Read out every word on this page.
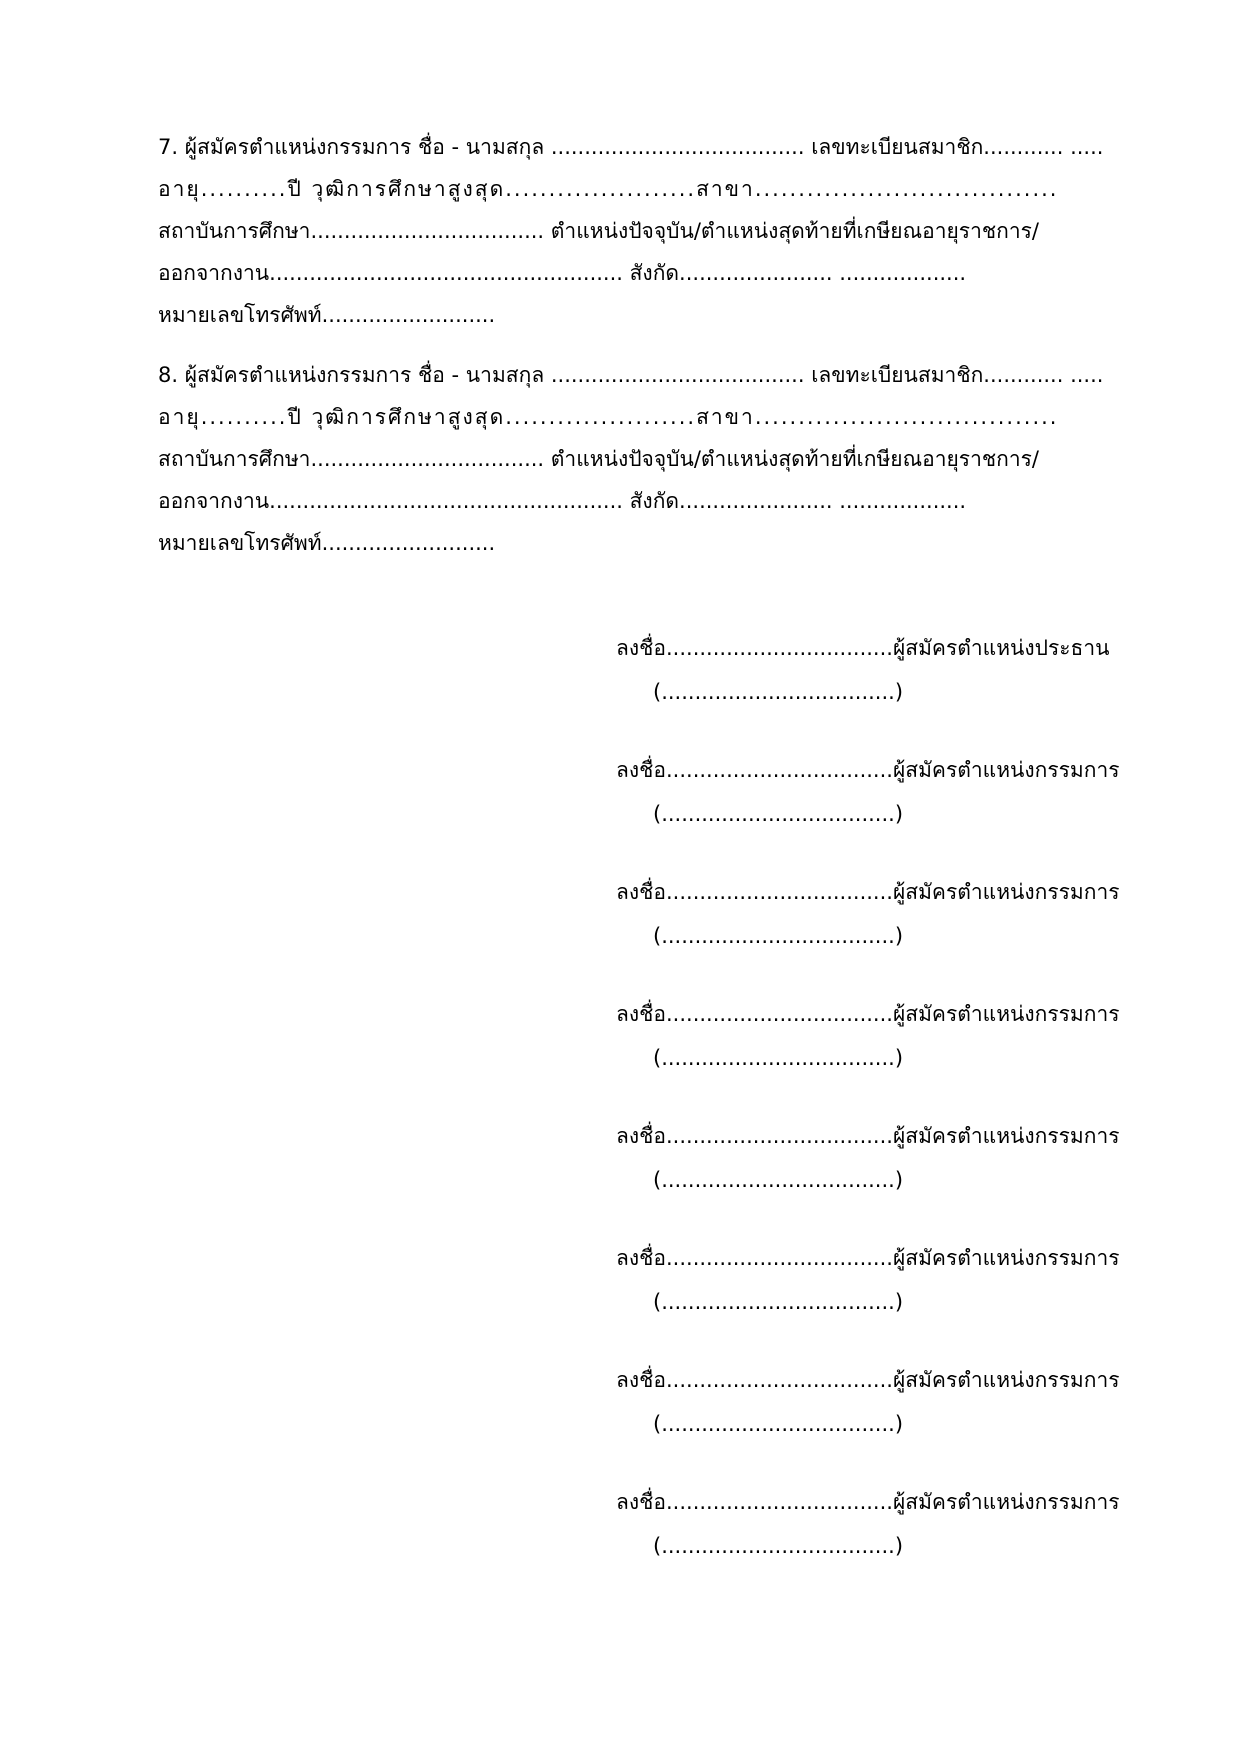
7. ผู้สมัครตำแหน่งกรรมการ ชื่อ - นามสกุล ...................................... เลขทะเบียนสมาชิก............ .....
อายุ..........ปี วุฒิการศึกษาสูงสุด......................สาขา...................................
สถาบันการศึกษา................................... ตำแหน่งปัจจุบัน/ตำแหน่งสุดท้ายที่เกษียณอายุราชการ/
ออกจากงาน..................................................... สังกัด....................... ...................
หมายเลขโทรศัพท์..........................
8. ผู้สมัครตำแหน่งกรรมการ ชื่อ - นามสกุล ...................................... เลขทะเบียนสมาชิก............ .....
อายุ..........ปี วุฒิการศึกษาสูงสุด......................สาขา...................................
สถาบันการศึกษา................................... ตำแหน่งปัจจุบัน/ตำแหน่งสุดท้ายที่เกษียณอายุราชการ/
ออกจากงาน..................................................... สังกัด....................... ...................
หมายเลขโทรศัพท์..........................
ลงชื่อ..................................ผู้สมัครตำแหน่งประธาน
(...................................)
ลงชื่อ..................................ผู้สมัครตำแหน่งกรรมการ
(...................................)
ลงชื่อ..................................ผู้สมัครตำแหน่งกรรมการ
(...................................)
ลงชื่อ..................................ผู้สมัครตำแหน่งกรรมการ
(...................................)
ลงชื่อ..................................ผู้สมัครตำแหน่งกรรมการ
(...................................)
ลงชื่อ..................................ผู้สมัครตำแหน่งกรรมการ
(...................................)
ลงชื่อ..................................ผู้สมัครตำแหน่งกรรมการ
(...................................)
ลงชื่อ..................................ผู้สมัครตำแหน่งกรรมการ
(...................................)
